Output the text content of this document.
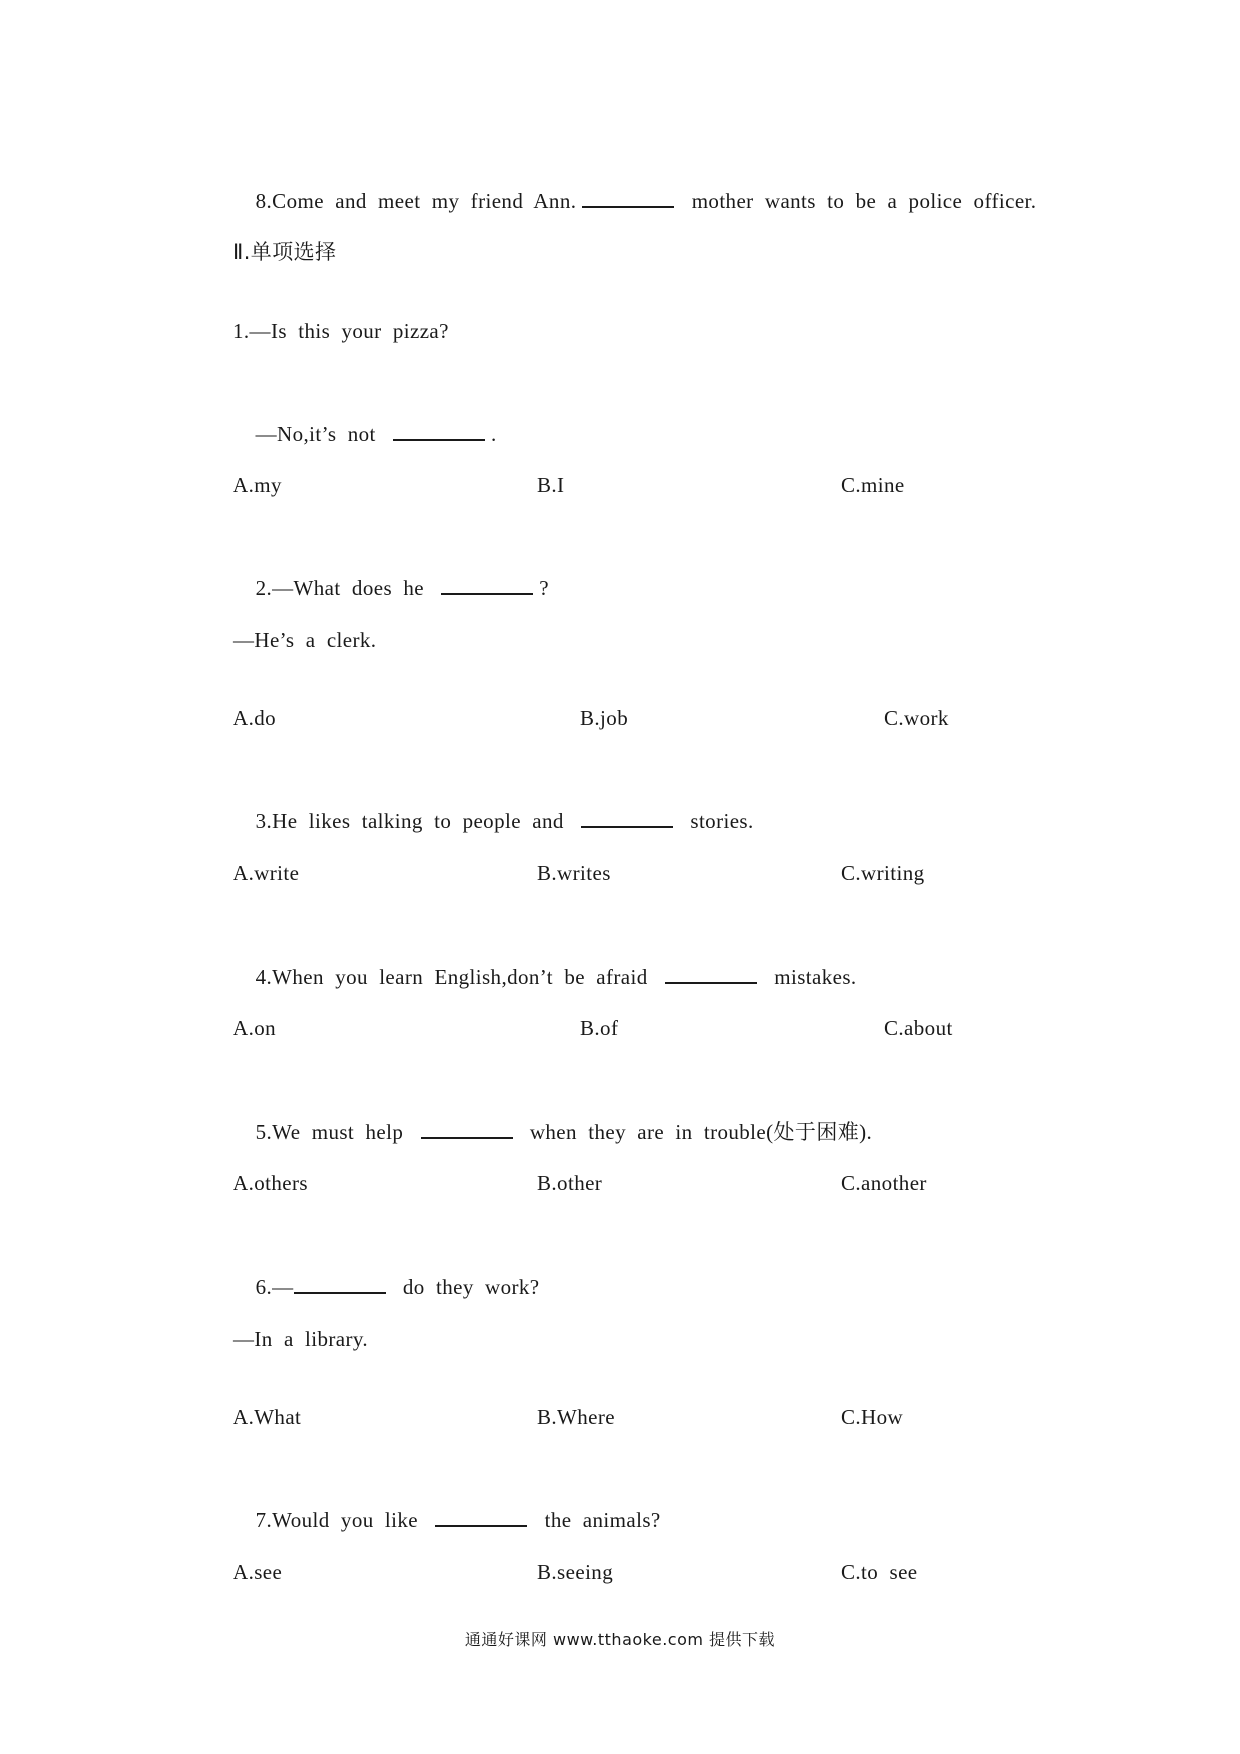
8.Come  and  meet  my  friend  Ann.	mother  wants  to  be  a  police  officer.

Ⅱ.单项选择
1.—Is  this  your  pizza?

—No,it’s  not	.

A.my	B.I	C.mine

2.—What  does  he	?

—He’s  a  clerk.
A.do	B.job	C.work

3.He  likes  talking  to  people  and	stories.

A.write	B.writes	C.writing

4.When  you  learn  English,don’t  be  afraid	mistakes.

A.on	B.of	C.about

5.We  must  help	when  they  are  in  trouble(处于困难).

A.others	B.other	C.another

6.—	do  they  work?

—In  a  library.
A.What	B.Where	C.How

7.Would  you  like	the  animals?

A.see	B.seeing	C.to  see
通通好课网 www.tthaoke.com 提供下载
